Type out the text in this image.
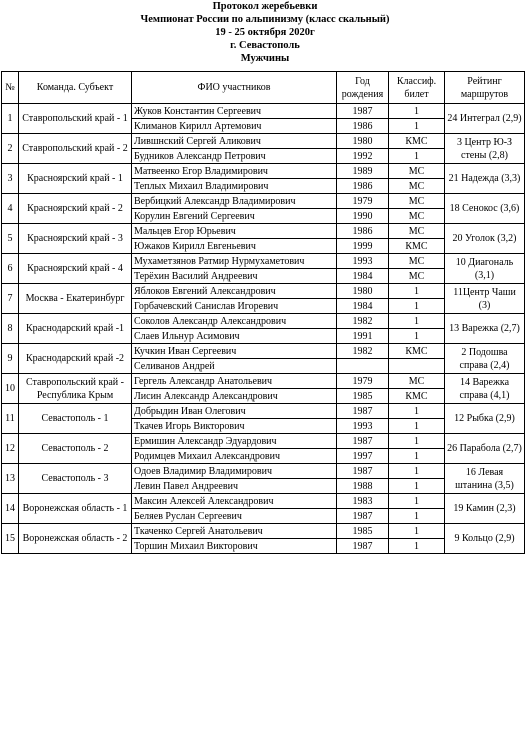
Протокол жеребьевки
Чемпионат России по альпинизму (класс скальный)
19 - 25 октября 2020г
г. Севастополь
Мужчины
№	Команда. Субъект	ФИО участников	Год рождения	Классиф. билет	Рейтинг маршрутов
1	Ставропольский край - 1	Жуков Константин Сергеевич	1987	1	24 Интеграл (2,9)
		Климанов Кирилл Артемович	1986	1	
2	Ставропольский край - 2	Лившнский Сергей Аликович	1980	КМС	3 Центр Ю-З стены (2,8)
		Будников Александр Петрович	1992	1	
3	Красноярский край - 1	Матвеенко Егор Владимирович	1989	МС	21 Надежда (3,3)
		Теплых Михаил Владимирович	1986	МС	
4	Красноярский край - 2	Вербицкий Александр Владимирович	1979	МС	18 Сенокос (3,6)
		Корулин Евгений Сергеевич	1990	МС	
5	Красноярский край - 3	Мальцев Егор Юрьевич	1986	МС	20 Уголок (3,2)
		Южаков Кирилл Евгеньевич	1999	КМС	
6	Красноярский край - 4	Мухаметзянов Ратмир Нурмухаметович	1993	МС	10 Диагональ (3,1)
		Терёхин Василий Андреевич	1984	МС	
7	Москва - Екатеринбург	Яблоков Евгений Александрович	1980	1	11Центр Чаши (3)
		Горбачевский Санислав Игоревич	1984	1	
8	Краснодарский край -1	Соколов Александр Александрович	1982	1	13 Варежка (2,7)
		Слаев Ильнур Асимович	1991	1	
9	Краснодарский край -2	Кучкин Иван Сергеевич	1982	КМС	2 Подошва справа (2,4)
		Селиванов Андрей			
10	Ставропольский край - Республика Крым	Гергель Александр Анатольевич	1979	МС	14 Варежка справа (4,1)
		Лисин Александр Александрович	1985	КМС	
11	Севастополь - 1	Добрыдин Иван Олегович	1987	1	12 Рыбка (2,9)
		Ткачев Игорь Викторович	1993	1	
12	Севастополь - 2	Ермишин Александр Эдуардович	1987	1	26 Парабола (2,7)
		Родимцев Михаил Александрович	1997	1	
13	Севастополь - 3	Одоев Владимир Владимирович	1987	1	16 Левая штанина (3,5)
		Левин Павел Андреевич	1988	1	
14	Воронежская область - 1	Максин Алексей Александрович	1983	1	19 Камин (2,3)
		Беляев Руслан Сергеевич	1987	1	
15	Воронежская область - 2	Ткаченко Сергей Анатольевич	1985	1	9 Кольцо (2,9)
		Торшин Михаил Викторович	1987	1	
